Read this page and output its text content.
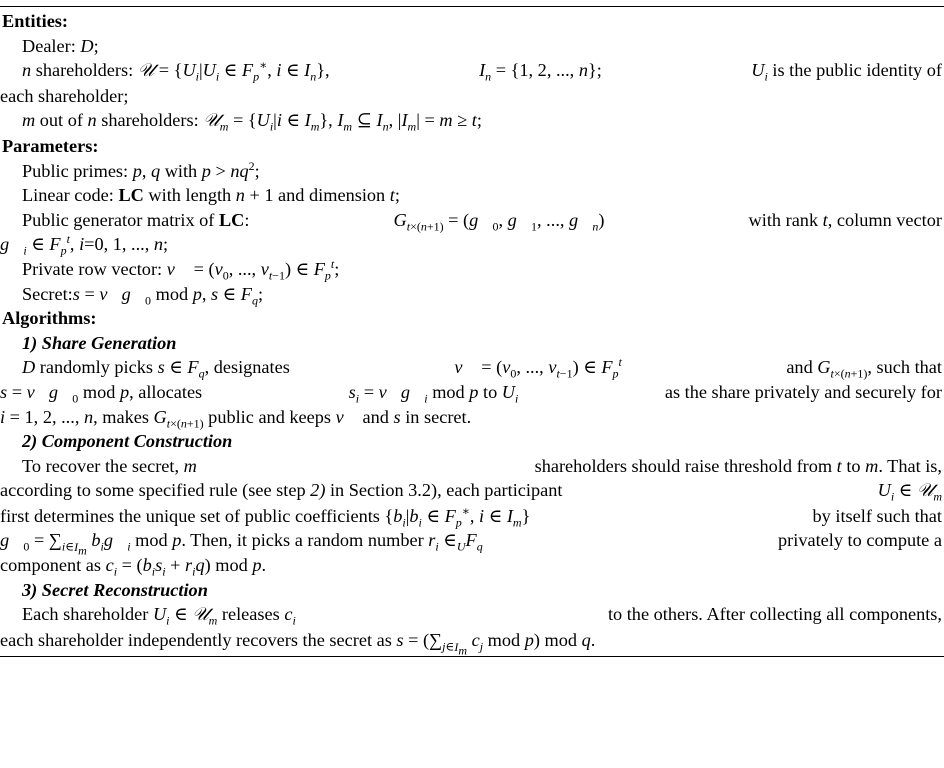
Entities:
Dealer: D;
n shareholders: 𝒰 = {$U_i|U_i$ ∈ $F_p^∗$, i ∈ $I_n$},	$I_n = \{1$, 2, ..., n};	$U_i$ is the public identity of
each shareholder;
m out of n shareholders: 𝒰$_m$ = {$U_i|i$ ∈ $I_m$}, $I_m$ ⊆ $I_n$, $|I_m| = m \ge t$;
Parameters:
Public primes: p, q with $p > nq^2$;
Linear code: LC with length n + 1 and dimension t;
Public generator matrix of LC:	$G_{t\times(n+1)}$ = ($g⃗_0$, $g⃗_1$, ..., $g⃗_n$)	with rank t, column vector
$g⃗_i$ ∈ $F_p^t$, i=0, 1, ..., n;
Private row vector: v⃗ = ($v_0$, ..., $v_{t-1}$) ∈ $F_p^t$;
Secret:s = $v⃗g⃗_0$ mod p, s ∈ $F_q$;
Algorithms:
1) Share Generation
D randomly picks s ∈ $F_q$, designates	v⃗ = ($v_0$, ..., $v_{t-1}$) ∈ $F_p^t$	and $G_{t\times(n+1)}$, such that
$s = v⃗g⃗_0$ mod p, allocates	$s_i$ = $v⃗g⃗_i$ mod p to $U_i$	as the share privately and securely for
i = 1, 2, ..., n, makes $G_{t\times(n+1)}$ public and keeps v⃗ and s in secret.
2) Component Construction
To recover the secret, m	shareholders should raise threshold from t to m. That is,
according to some specified rule (see step 2) in Section 3.2), each participant	$U_i$ ∈ 𝒰$_m$
first determines the unique set of public coefficients {$b_i|b_i$ ∈ $F_p^∗$, i ∈ $I_m$}	by itself such that
$g⃗_0 = \sum_{i\in I_m}$ $b_ig⃗_i$ mod p. Then, it picks a random number $r_i$ $\in_UF_q$	privately to compute a
component as $c_i = (b_is_i + r_iq)$ mod p.
3) Secret Reconstruction
Each shareholder $U_i$ ∈ 𝒰$_m$ releases $c_i$	to the others. After collecting all components,
each shareholder independently recovers the secret as $s = (\sum_{j\in I_m}$ $c_j$ mod p) mod q.
